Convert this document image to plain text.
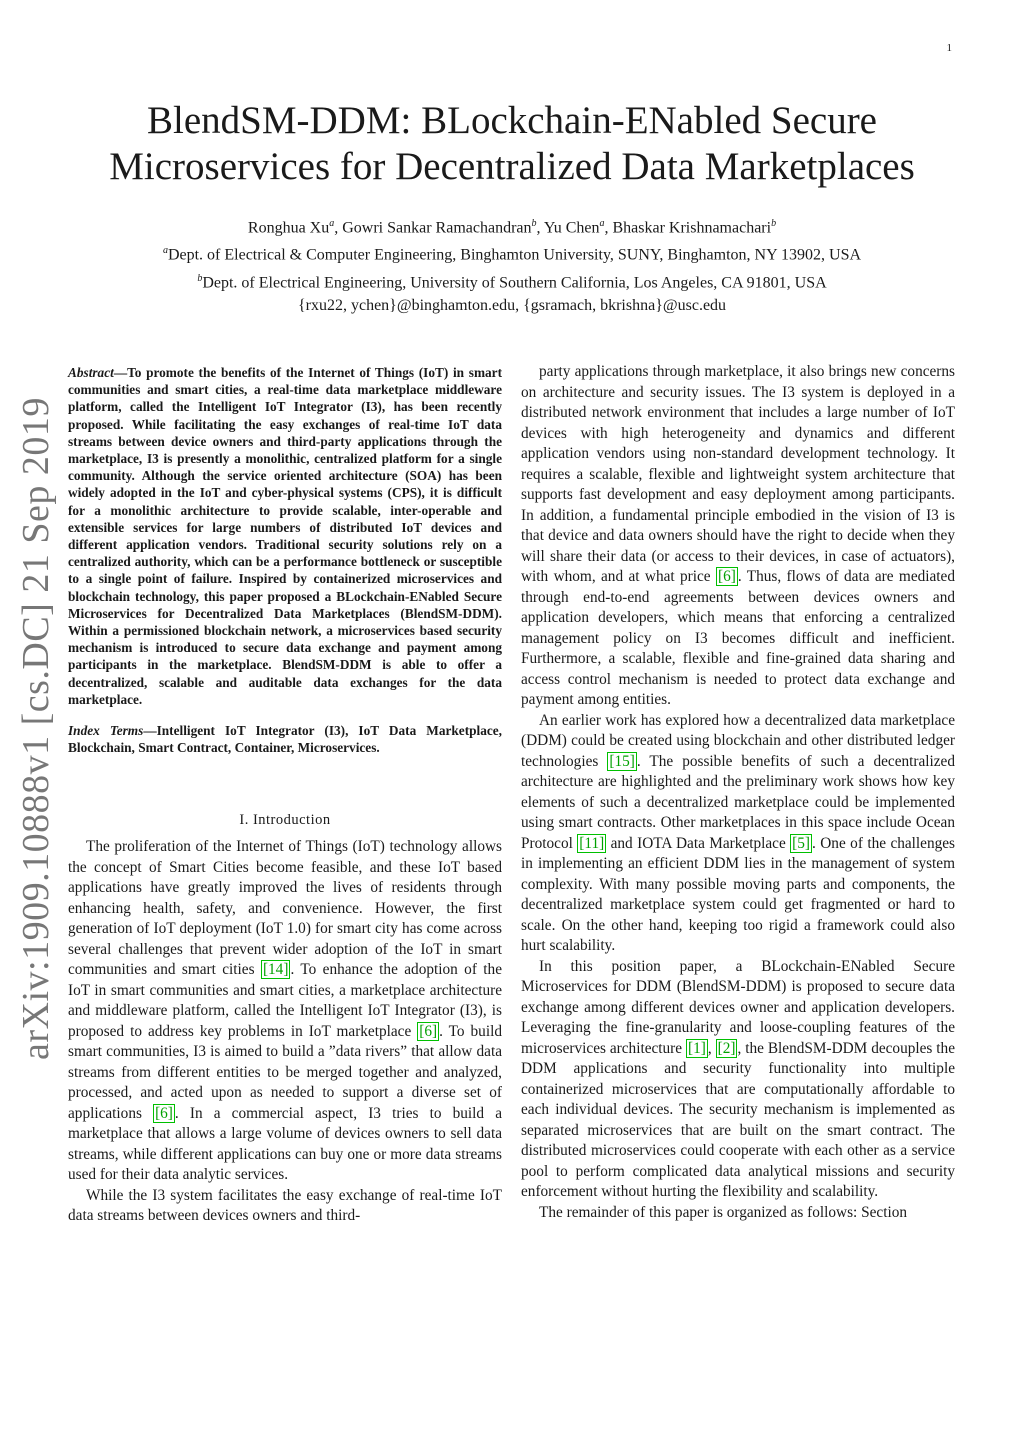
1
BlendSM-DDM: BLockchain-ENabled Secure
Microservices for Decentralized Data Marketplaces
Ronghua Xu$^a$, Gowri Sankar Ramachandran$^b$, Yu Chen$^a$, Bhaskar Krishnamachari$^b$
$^a$Dept. of Electrical & Computer Engineering, Binghamton University, SUNY, Binghamton, NY 13902, USA
$^b$Dept. of Electrical Engineering, University of Southern California, Los Angeles, CA 91801, USA
{rxu22, ychen}@binghamton.edu, {gsramach, bkrishna}@usc.edu
arXiv:1909.10888v1 [cs.DC] 21 Sep 2019

Abstract—To promote the benefits of the Internet of Things (IoT) in smart communities and smart cities, a real-time data marketplace middleware platform, called the Intelligent IoT Integrator (I3), has been recently proposed. While facilitating the easy exchanges of real-time IoT data streams between device owners and third-party applications through the marketplace, I3 is presently a monolithic, centralized platform for a single community. Although the service oriented architecture (SOA) has been widely adopted in the IoT and cyber-physical systems (CPS), it is difficult for a monolithic architecture to provide scalable, inter-operable and extensible services for large numbers of distributed IoT devices and different application vendors. Traditional security solutions rely on a centralized authority, which can be a performance bottleneck or susceptible to a single point of failure. Inspired by containerized microservices and blockchain technology, this paper proposed a BLockchain-ENabled Secure Microservices for Decentralized Data Marketplaces (BlendSM-DDM). Within a permissioned blockchain network, a microservices based security mechanism is introduced to secure data exchange and payment among participants in the marketplace. BlendSM-DDM is able to offer a decentralized, scalable and auditable data exchanges for the data marketplace.

Index Terms—Intelligent IoT Integrator (I3), IoT Data Marketplace, Blockchain, Smart Contract, Container, Microservices.

I. Introduction

The proliferation of the Internet of Things (IoT) technology allows the concept of Smart Cities become feasible, and these IoT based applications have greatly improved the lives of residents through enhancing health, safety, and convenience. However, the first generation of IoT deployment (IoT 1.0) for smart city has come across several challenges that prevent wider adoption of the IoT in smart communities and smart cities [14] . To enhance the adoption of the IoT in smart communities and smart cities, a marketplace architecture and middleware platform, called the Intelligent IoT Integrator (I3), is proposed to address key problems in IoT marketplace [6] . To build smart communities, I3 is aimed to build a ”data rivers” that allow data streams from different entities to be merged together and analyzed, processed, and acted upon as needed to support a diverse set of applications [6] . In a commercial aspect, I3 tries to build a marketplace that allows a large volume of devices owners to sell data streams, while different applications can buy one or more data streams used for their data analytic services.

While the I3 system facilitates the easy exchange of real-time IoT data streams between devices owners and third-

party applications through marketplace, it also brings new concerns on architecture and security issues. The I3 system is deployed in a distributed network environment that includes a large number of IoT devices with high heterogeneity and dynamics and different application vendors using non-standard development technology. It requires a scalable, flexible and lightweight system architecture that supports fast development and easy deployment among participants. In addition, a fundamental principle embodied in the vision of I3 is that device and data owners should have the right to decide when they will share their data (or access to their devices, in case of actuators), with whom, and at what price [6] . Thus, flows of data are mediated through end-to-end agreements between devices owners and application developers, which means that enforcing a centralized management policy on I3 becomes difficult and inefficient. Furthermore, a scalable, flexible and fine-grained data sharing and access control mechanism is needed to protect data exchange and payment among entities.

An earlier work has explored how a decentralized data marketplace (DDM) could be created using blockchain and other distributed ledger technologies [15] . The possible benefits of such a decentralized architecture are highlighted and the preliminary work shows how key elements of such a decentralized marketplace could be implemented using smart contracts. Other marketplaces in this space include Ocean Protocol [11] and IOTA Data Marketplace [5] . One of the challenges in implementing an efficient DDM lies in the management of system complexity. With many possible moving parts and components, the decentralized marketplace system could get fragmented or hard to scale. On the other hand, keeping too rigid a framework could also hurt scalability.

In this position paper, a BLockchain-ENabled Secure Microservices for DDM (BlendSM-DDM) is proposed to secure data exchange among different devices owner and application developers. Leveraging the fine-granularity and loose-coupling features of the microservices architecture [1] , [2] , the BlendSM-DDM decouples the DDM applications and security functionality into multiple containerized microservices that are computationally affordable to each individual devices. The security mechanism is implemented as separated microservices that are built on the smart contract. The distributed microservices could cooperate with each other as a service pool to perform complicated data analytical missions and security enforcement without hurting the flexibility and scalability.

The remainder of this paper is organized as follows: Section
